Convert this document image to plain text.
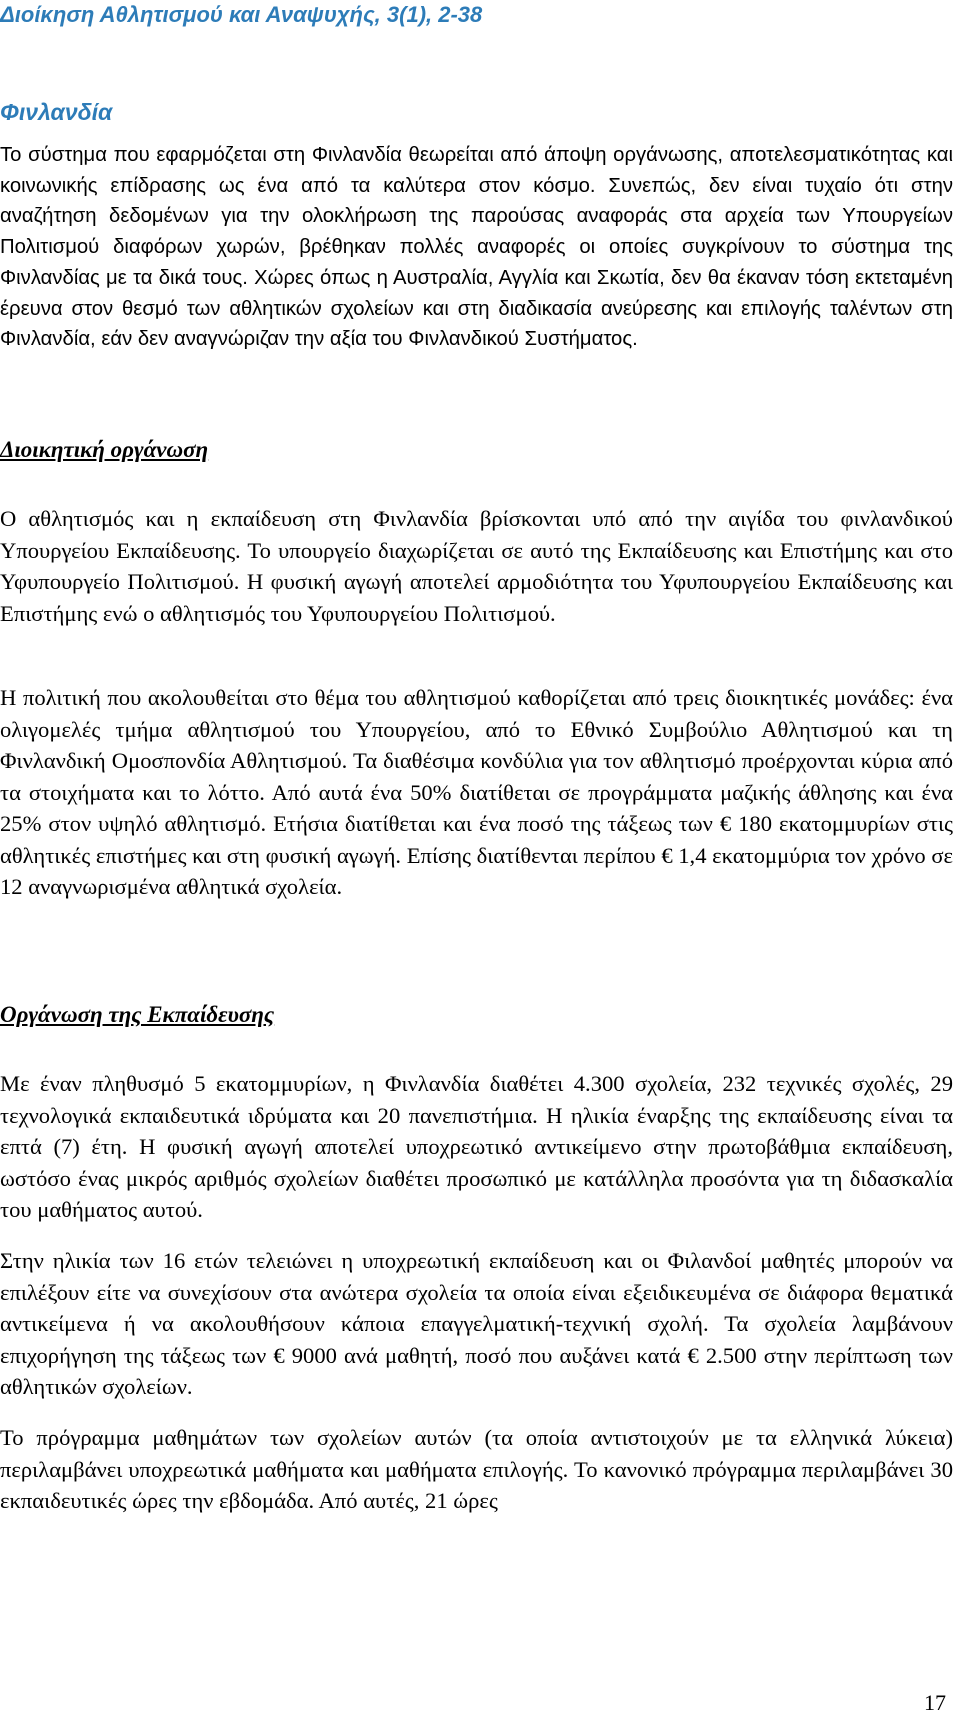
Διοίκηση Αθλητισμού και Αναψυχής, 3(1), 2-38
Φινλανδία

Το σύστημα που εφαρμόζεται στη Φινλανδία θεωρείται από άποψη οργάνωσης, αποτελεσματικότητας και κοινωνικής επίδρασης ως ένα από τα καλύτερα στον κόσμο. Συνεπώς, δεν είναι τυχαίο ότι στην αναζήτηση δεδομένων για την ολοκλήρωση της παρούσας αναφοράς στα αρχεία των Υπουργείων Πολιτισμού διαφόρων χωρών, βρέθηκαν πολλές αναφορές οι οποίες συγκρίνουν το σύστημα της Φινλανδίας με τα δικά τους. Χώρες όπως η Αυστραλία, Αγγλία και Σκωτία, δεν θα έκαναν τόση εκτεταμένη έρευνα στον θεσμό των αθλητικών σχολείων και στη διαδικασία ανεύρεσης και επιλογής ταλέντων στη Φινλανδία, εάν δεν αναγνώριζαν την αξία του Φινλανδικού Συστήματος.

Διοικητική οργάνωση

Ο αθλητισμός και η εκπαίδευση στη Φινλανδία βρίσκονται υπό από την αιγίδα του φινλανδικού Υπουργείου Εκπαίδευσης. Το υπουργείο διαχωρίζεται σε αυτό της Εκπαίδευσης και Επιστήμης και στο Υφυπουργείο Πολιτισμού. Η φυσική αγωγή αποτελεί αρμοδιότητα του Υφυπουργείου Εκπαίδευσης και Επιστήμης ενώ ο αθλητισμός του Υφυπουργείου Πολιτισμού.

Η πολιτική που ακολουθείται στο θέμα του αθλητισμού καθορίζεται από τρεις διοικητικές μονάδες: ένα ολιγομελές τμήμα αθλητισμού του Υπουργείου, από το Εθνικό Συμβούλιο Αθλητισμού και τη Φινλανδική Ομοσπονδία Αθλητισμού. Τα διαθέσιμα κονδύλια για τον αθλητισμό προέρχονται κύρια από τα στοιχήματα και το λόττο. Από αυτά ένα 50% διατίθεται σε προγράμματα μαζικής άθλησης και ένα 25% στον υψηλό αθλητισμό. Ετήσια διατίθεται και ένα ποσό της τάξεως των € 180 εκατομμυρίων στις αθλητικές επιστήμες και στη φυσική αγωγή. Επίσης διατίθενται περίπου € 1,4 εκατομμύρια τον χρόνο σε 12 αναγνωρισμένα αθλητικά σχολεία.

Οργάνωση της Εκπαίδευσης

Με έναν πληθυσμό 5 εκατομμυρίων, η Φινλανδία διαθέτει 4.300 σχολεία, 232 τεχνικές σχολές, 29 τεχνολογικά εκπαιδευτικά ιδρύματα και 20 πανεπιστήμια. Η ηλικία έναρξης της εκπαίδευσης είναι τα επτά (7) έτη. Η φυσική αγωγή αποτελεί υποχρεωτικό αντικείμενο στην πρωτοβάθμια εκπαίδευση, ωστόσο ένας μικρός αριθμός σχολείων διαθέτει προσωπικό με κατάλληλα προσόντα για τη διδασκαλία του μαθήματος αυτού.

Στην ηλικία των 16 ετών τελειώνει η υποχρεωτική εκπαίδευση και οι Φιλανδοί μαθητές μπορούν να επιλέξουν είτε να συνεχίσουν στα ανώτερα σχολεία τα οποία είναι εξειδικευμένα σε διάφορα θεματικά αντικείμενα ή να ακολουθήσουν κάποια επαγγελματική-τεχνική σχολή. Τα σχολεία λαμβάνουν επιχορήγηση της τάξεως των € 9000 ανά μαθητή, ποσό που αυξάνει κατά € 2.500 στην περίπτωση των αθλητικών σχολείων.

Το πρόγραμμα μαθημάτων των σχολείων αυτών (τα οποία αντιστοιχούν με τα ελληνικά λύκεια) περιλαμβάνει υποχρεωτικά μαθήματα και μαθήματα επιλογής. Το κανονικό πρόγραμμα περιλαμβάνει 30 εκπαιδευτικές ώρες την εβδομάδα. Από αυτές, 21 ώρες

17
